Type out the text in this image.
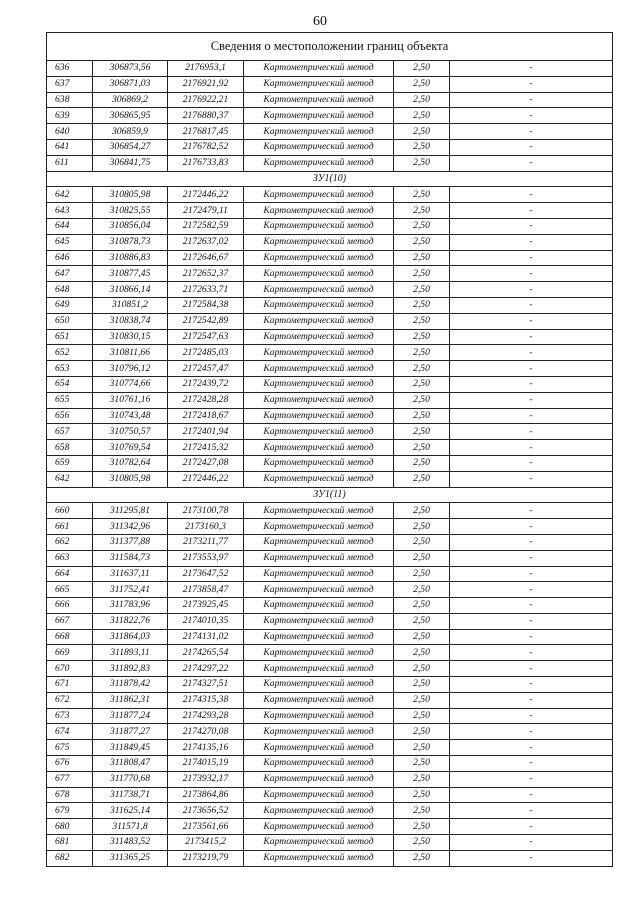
60
Сведения о местоположении границ объекта					
636	306873,56	2176953,1	Картометрический метод	2,50	-
637	306871,03	2176921,92	Картометрический метод	2,50	-
638	306869,2	2176922,21	Картометрический метод	2,50	-
639	306865,95	2176880,37	Картометрический метод	2,50	-
640	306859,9	2176817,45	Картометрический метод	2,50	-
641	306854,27	2176782,52	Картометрический метод	2,50	-
611	306841,75	2176733,83	Картометрический метод	2,50	-
ЗУ1(10)					
642	310805,98	2172446,22	Картометрический метод	2,50	-
643	310825,55	2172479,11	Картометрический метод	2,50	-
644	310856,04	2172582,59	Картометрический метод	2,50	-
645	310878,73	2172637,02	Картометрический метод	2,50	-
646	310886,83	2172646,67	Картометрический метод	2,50	-
647	310877,45	2172652,37	Картометрический метод	2,50	-
648	310866,14	2172633,71	Картометрический метод	2,50	-
649	310851,2	2172584,38	Картометрический метод	2,50	-
650	310838,74	2172542,89	Картометрический метод	2,50	-
651	310830,15	2172547,63	Картометрический метод	2,50	-
652	310811,66	2172485,03	Картометрический метод	2,50	-
653	310796,12	2172457,47	Картометрический метод	2,50	-
654	310774,66	2172439,72	Картометрический метод	2,50	-
655	310761,16	2172428,28	Картометрический метод	2,50	-
656	310743,48	2172418,67	Картометрический метод	2,50	-
657	310750,57	2172401,94	Картометрический метод	2,50	-
658	310769,54	2172415,32	Картометрический метод	2,50	-
659	310782,64	2172427,08	Картометрический метод	2,50	-
642	310805,98	2172446,22	Картометрический метод	2,50	-
ЗУ1(11)					
660	311295,81	2173100,78	Картометрический метод	2,50	-
661	311342,96	2173160,3	Картометрический метод	2,50	-
662	311377,88	2173211,77	Картометрический метод	2,50	-
663	311584,73	2173553,97	Картометрический метод	2,50	-
664	311637,11	2173647,52	Картометрический метод	2,50	-
665	311752,41	2173858,47	Картометрический метод	2,50	-
666	311783,96	2173925,45	Картометрический метод	2,50	-
667	311822,76	2174010,35	Картометрический метод	2,50	-
668	311864,03	2174131,02	Картометрический метод	2,50	-
669	311893,11	2174265,54	Картометрический метод	2,50	-
670	311892,83	2174297,22	Картометрический метод	2,50	-
671	311878,42	2174327,51	Картометрический метод	2,50	-
672	311862,31	2174315,38	Картометрический метод	2,50	-
673	311877,24	2174293,28	Картометрический метод	2,50	-
674	311877,27	2174270,08	Картометрический метод	2,50	-
675	311849,45	2174135,16	Картометрический метод	2,50	-
676	311808,47	2174015,19	Картометрический метод	2,50	-
677	311770,68	2173932,17	Картометрический метод	2,50	-
678	311738,71	2173864,86	Картометрический метод	2,50	-
679	311625,14	2173656,52	Картометрический метод	2,50	-
680	311571,8	2173561,66	Картометрический метод	2,50	-
681	311483,52	2173415,2	Картометрический метод	2,50	-
682	311365,25	2173219,79	Картометрический метод	2,50	-
